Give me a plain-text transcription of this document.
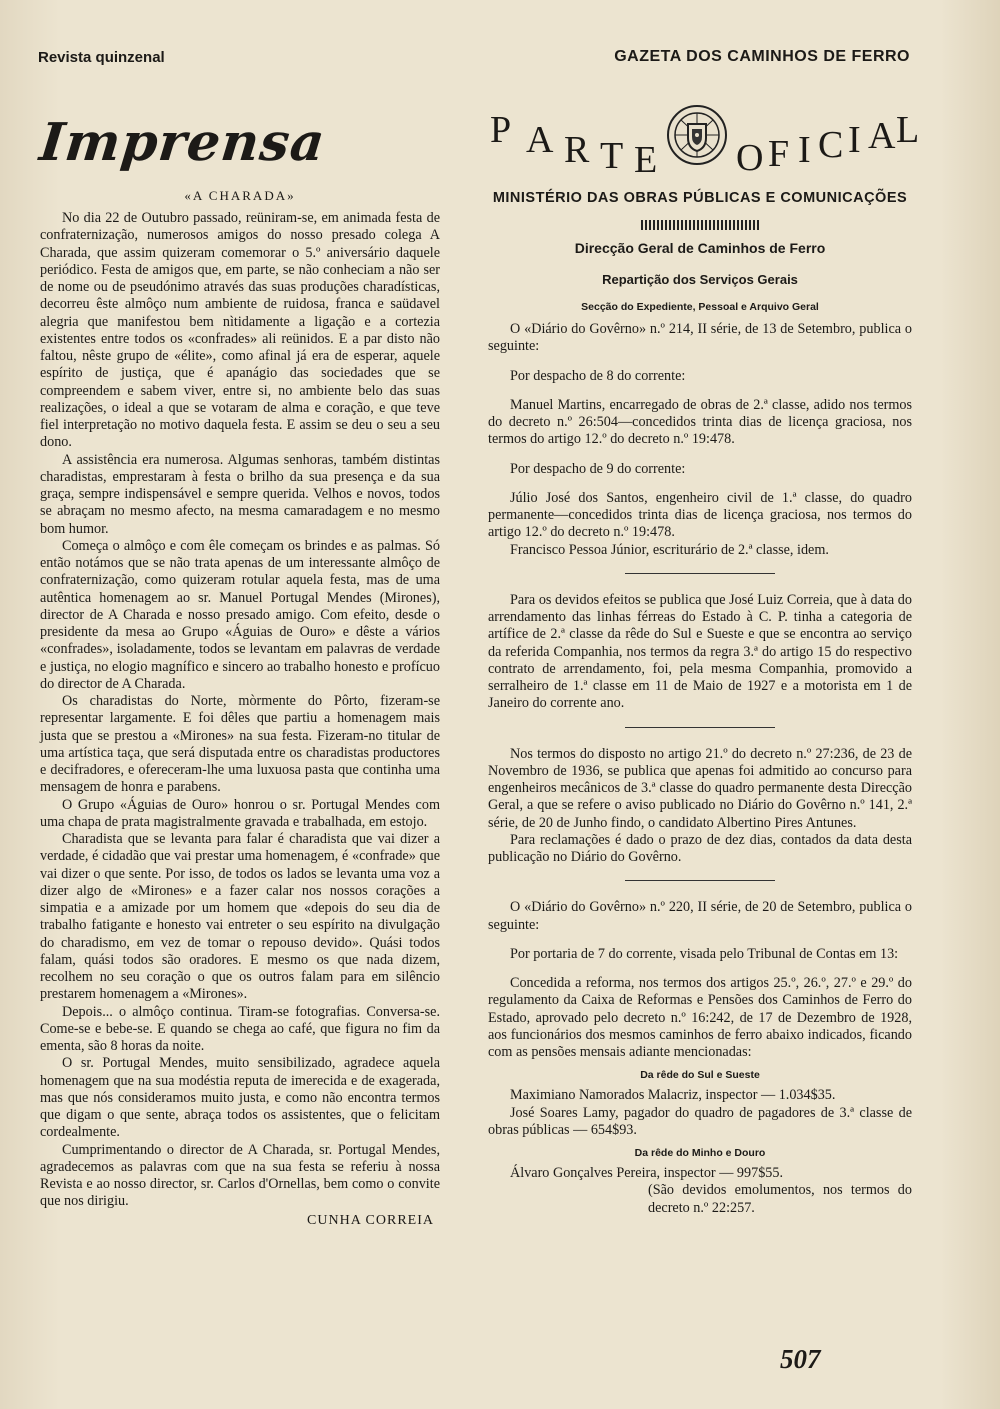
Revista quinzenal	GAZETA DOS CAMINHOS DE FERRO
Imprensa
«A CHARADA»

No dia 22 de Outubro passado, reüniram-se, em animada festa de confraternização, numerosos amigos do nosso presado colega A Charada, que assim quizeram comemorar o 5.º aniversário daquele periódico. Festa de amigos que, em parte, se não conheciam a não ser de nome ou de pseudónimo através das suas produções charadísticas, decorreu êste almôço num ambiente de ruidosa, franca e saüdavel alegria que manifestou bem nìtidamente a ligação e a cortezia existentes entre todos os «confrades» ali reünidos. E a par disto não faltou, nêste grupo de «élite», como afinal já era de esperar, aquele espírito de justiça, que é apanágio das sociedades que se compreendem e sabem viver, entre si, no ambiente belo das suas realizações, o ideal a que se votaram de alma e coração, e que teve fiel interpretação no motivo daquela festa. E assim se deu o seu a seu dono.

A assistência era numerosa. Algumas senhoras, também distintas charadistas, emprestaram à festa o brilho da sua presença e da sua graça, sempre indispensável e sempre querida. Velhos e novos, todos se abraçam no mesmo afecto, na mesma camaradagem e no mesmo bom humor.

Começa o almôço e com êle começam os brindes e as palmas. Só então notámos que se não trata apenas de um interessante almôço de confraternização, como quizeram rotular aquela festa, mas de uma autêntica homenagem ao sr. Manuel Portugal Mendes (Mirones), director de A Charada e nosso presado amigo. Com efeito, desde o presidente da mesa ao Grupo «Águias de Ouro» e dêste a vários «confrades», isoladamente, todos se levantam em palavras de verdade e justiça, no elogio magnífico e sincero ao trabalho honesto e profícuo do director de A Charada.

Os charadistas do Norte, mòrmente do Pôrto, fizeram-se representar largamente. E foi dêles que partiu a homenagem mais justa que se prestou a «Mirones» na sua festa. Fizeram-no titular de uma artística taça, que será disputada entre os charadistas productores e decifradores, e ofereceram-lhe uma luxuosa pasta que continha uma mensagem de honra e parabens.

O Grupo «Águias de Ouro» honrou o sr. Portugal Mendes com uma chapa de prata magistralmente gravada e trabalhada, em estojo.

Charadista que se levanta para falar é charadista que vai dizer a verdade, é cidadão que vai prestar uma homenagem, é «confrade» que vai dizer o que sente. Por isso, de todos os lados se levanta uma voz a dizer algo de «Mirones» e a fazer calar nos nossos corações a simpatia e a amizade por um homem que «depois do seu dia de trabalho fatigante e honesto vai entreter o seu espírito na divulgação do charadismo, em vez de tomar o repouso devido». Quási todos falam, quási todos são oradores. E mesmo os que nada dizem, recolhem no seu coração o que os outros falam para em silêncio prestarem homenagem a «Mirones».

Depois... o almôço continua. Tiram-se fotografias. Conversa-se. Come-se e bebe-se. E quando se chega ao café, que figura no fim da ementa, são 8 horas da noite.

O sr. Portugal Mendes, muito sensibilizado, agradece aquela homenagem que na sua modéstia reputa de imerecida e de exagerada, mas que nós consideramos muito justa, e como não encontra termos que digam o que sente, abraça todos os assistentes, que o felicitam cordealmente.

Cumprimentando o director de A Charada, sr. Portugal Mendes, agradecemos as palavras com que na sua festa se referiu à nossa Revista e ao nosso director, sr. Carlos d'Ornellas, bem como o convite que nos dirigiu.

CUNHA CORREIA
P A R T E O
F I
C
I
A
L
MINISTÉRIO DAS OBRAS PÚBLICAS E COMUNICAÇÕES
Direcção Geral de Caminhos de Ferro
Repartição dos Serviços Gerais
Secção do Expediente, Pessoal e Arquivo Geral

O «Diário do Govêrno» n.º 214, II série, de 13 de Setembro, publica o seguinte:

Por despacho de 8 do corrente:

Manuel Martins, encarregado de obras de 2.ª classe, adido nos termos do decreto n.º 26:504—concedidos trinta dias de licença graciosa, nos termos do artigo 12.º do decreto n.º 19:478.

Por despacho de 9 do corrente:

Júlio José dos Santos, engenheiro civil de 1.ª classe, do quadro permanente—concedidos trinta dias de licença graciosa, nos termos do artigo 12.º do decreto n.º 19:478.

Francisco Pessoa Júnior, escriturário de 2.ª classe, idem.

Para os devidos efeitos se publica que José Luiz Correia, que à data do arrendamento das linhas férreas do Estado à C. P. tinha a categoria de artífice de 2.ª classe da rêde do Sul e Sueste e que se encontra ao serviço da referida Companhia, nos termos da regra 3.ª do artigo 15 do respectivo contrato de arrendamento, foi, pela mesma Companhia, promovido a serralheiro de 1.ª classe em 11 de Maio de 1927 e a motorista em 1 de Janeiro do corrente ano.

Nos termos do disposto no artigo 21.º do decreto n.º 27:236, de 23 de Novembro de 1936, se publica que apenas foi admitido ao concurso para engenheiros mecânicos de 3.ª classe do quadro permanente desta Direcção Geral, a que se refere o aviso publicado no Diário do Govêrno n.º 141, 2.ª série, de 20 de Junho findo, o candidato Albertino Pires Antunes.

Para reclamações é dado o prazo de dez dias, contados da data desta publicação no Diário do Govêrno.

O «Diário do Govêrno» n.º 220, II série, de 20 de Setembro, publica o seguinte:

Por portaria de 7 do corrente, visada pelo Tribunal de Contas em 13:

Concedida a reforma, nos termos dos artigos 25.º, 26.º, 27.º e 29.º do regulamento da Caixa de Reformas e Pensões dos Caminhos de Ferro do Estado, aprovado pelo decreto n.º 16:242, de 17 de Dezembro de 1928, aos funcionários dos mesmos caminhos de ferro abaixo indicados, ficando com as pensões mensais adiante mencionadas:

Da rêde do Sul e Sueste

Maximiano Namorados Malacriz, inspector — 1.034$35.

José Soares Lamy, pagador do quadro de pagadores de 3.ª classe de obras públicas — 654$93.

Da rêde do Minho e Douro

Álvaro Gonçalves Pereira, inspector — 997$55.

(São devidos emolumentos, nos termos do decreto n.º 22:257.

507
